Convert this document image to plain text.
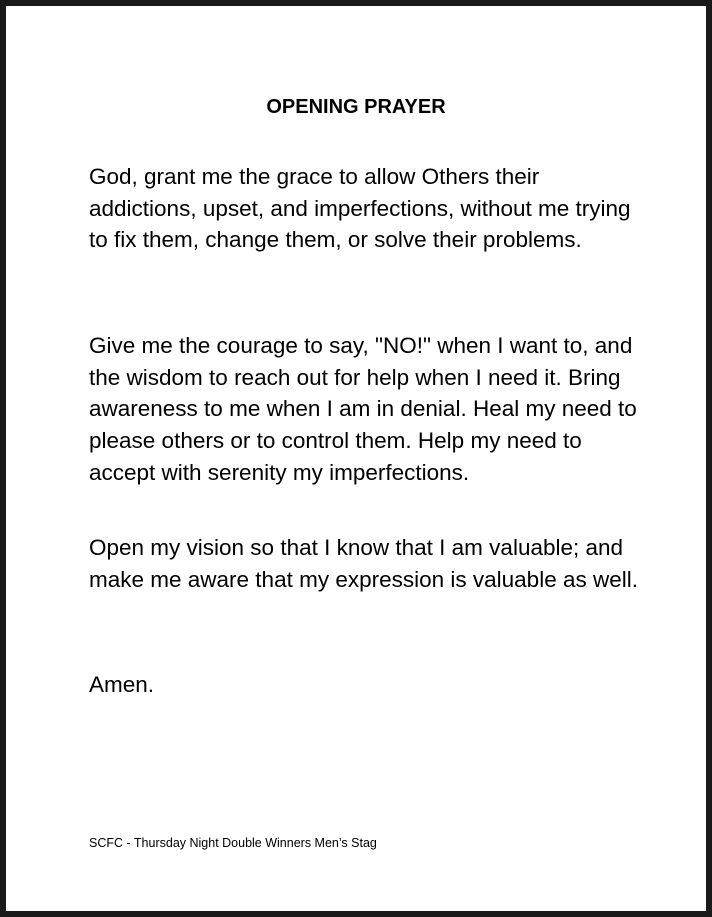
OPENING PRAYER

God, grant me the grace to allow Others their addictions, upset, and imperfections, without me trying to fix them, change them, or solve their problems.

Give me the courage to say, "NO!" when I want to, and the wisdom to reach out for help when I need it. Bring awareness to me when I am in denial. Heal my need to please others or to control them. Help my need to accept with serenity my imperfections.

Open my vision so that I know that I am valuable; and make me aware that my expression is valuable as well.

Amen.

SCFC - Thursday Night Double Winners Men’s Stag
